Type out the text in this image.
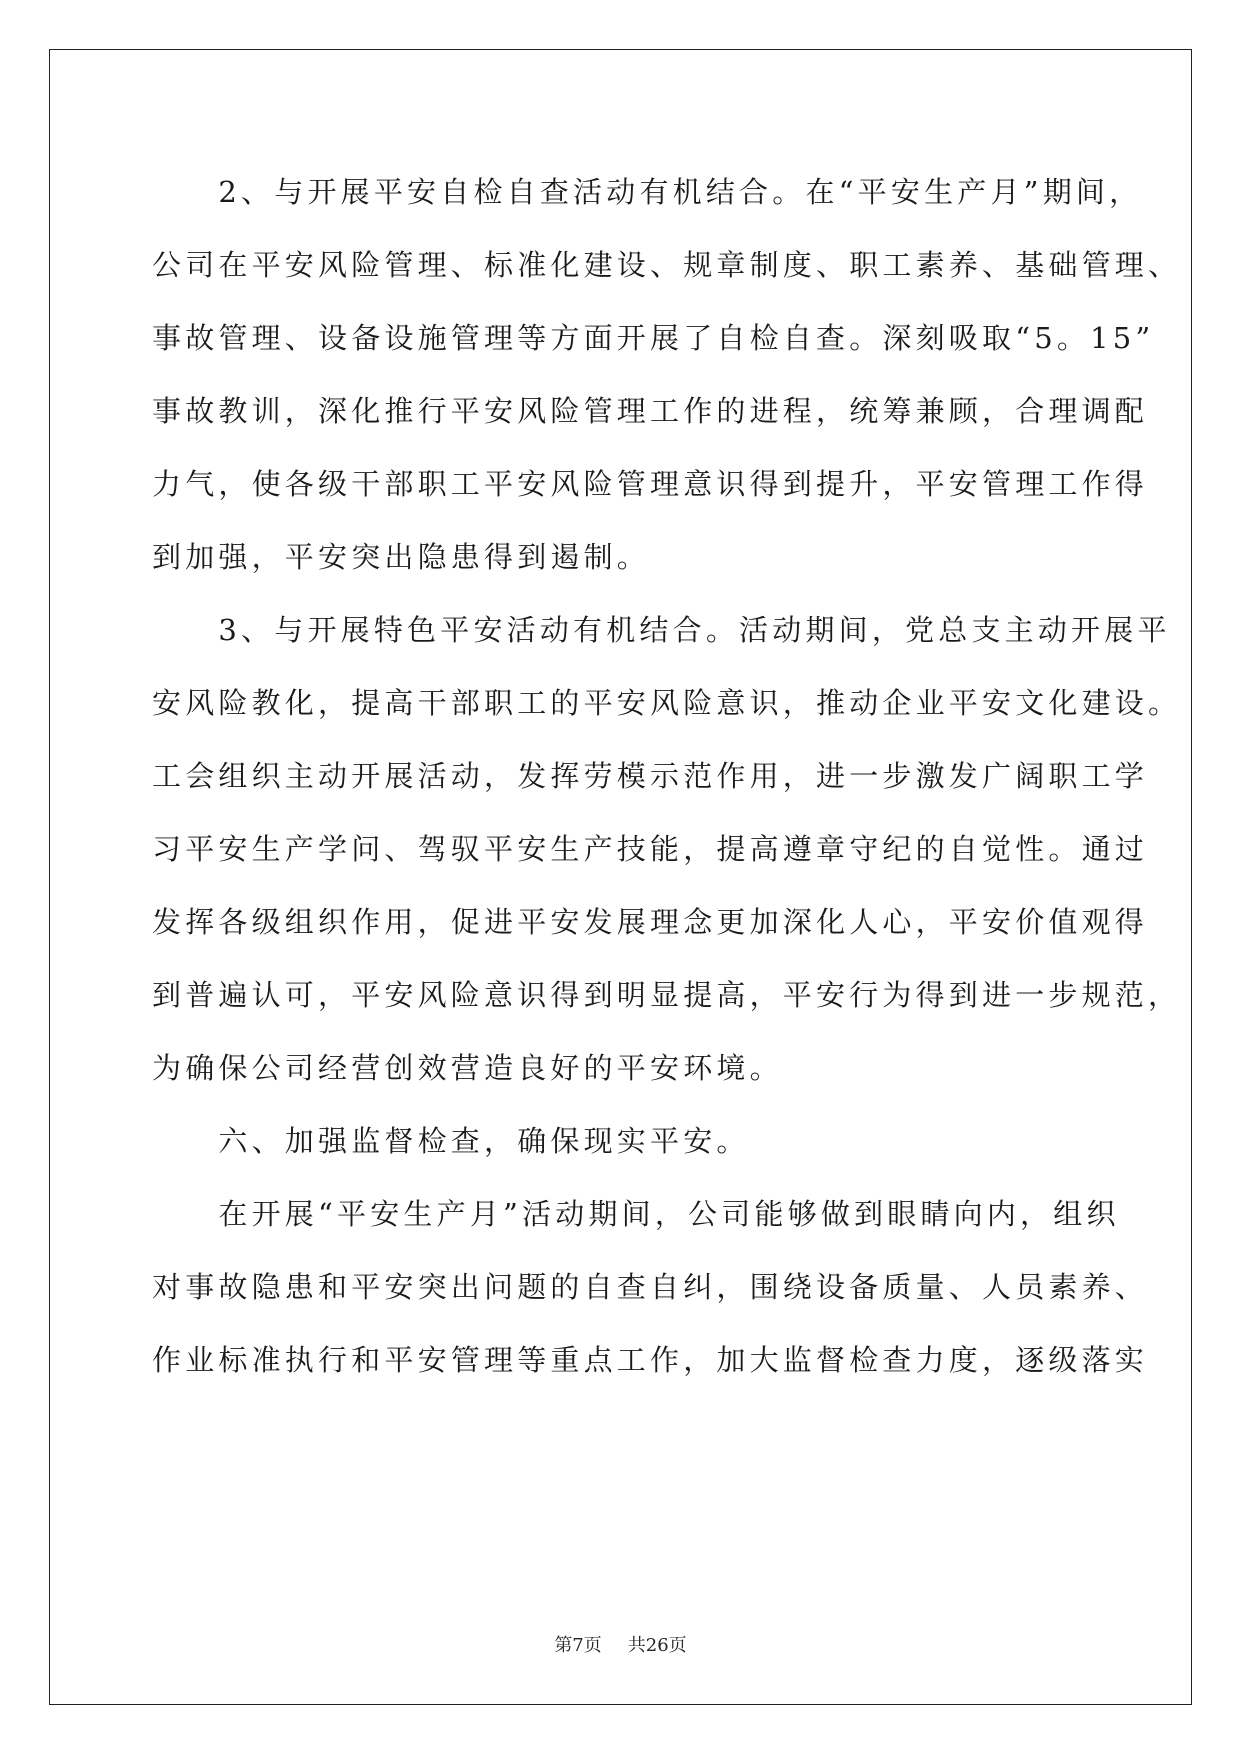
　　2、与开展平安自检自查活动有机结合。在“平安生产月”期间，
公司在平安风险管理、标准化建设、规章制度、职工素养、基础管理、
事故管理、设备设施管理等方面开展了自检自查。深刻吸取“5。15”
事故教训，深化推行平安风险管理工作的进程，统筹兼顾，合理调配
力气，使各级干部职工平安风险管理意识得到提升，平安管理工作得
到加强，平安突出隐患得到遏制。
　　3、与开展特色平安活动有机结合。活动期间，党总支主动开展平
安风险教化，提高干部职工的平安风险意识，推动企业平安文化建设。
工会组织主动开展活动，发挥劳模示范作用，进一步激发广阔职工学
习平安生产学问、驾驭平安生产技能，提高遵章守纪的自觉性。通过
发挥各级组织作用，促进平安发展理念更加深化人心，平安价值观得
到普遍认可，平安风险意识得到明显提高，平安行为得到进一步规范，
为确保公司经营创效营造良好的平安环境。
　　六、加强监督检查，确保现实平安。
　　在开展“平安生产月”活动期间，公司能够做到眼睛向内，组织
对事故隐患和平安突出问题的自查自纠，围绕设备质量、人员素养、
作业标准执行和平安管理等重点工作，加大监督检查力度，逐级落实
第7页 共26页
